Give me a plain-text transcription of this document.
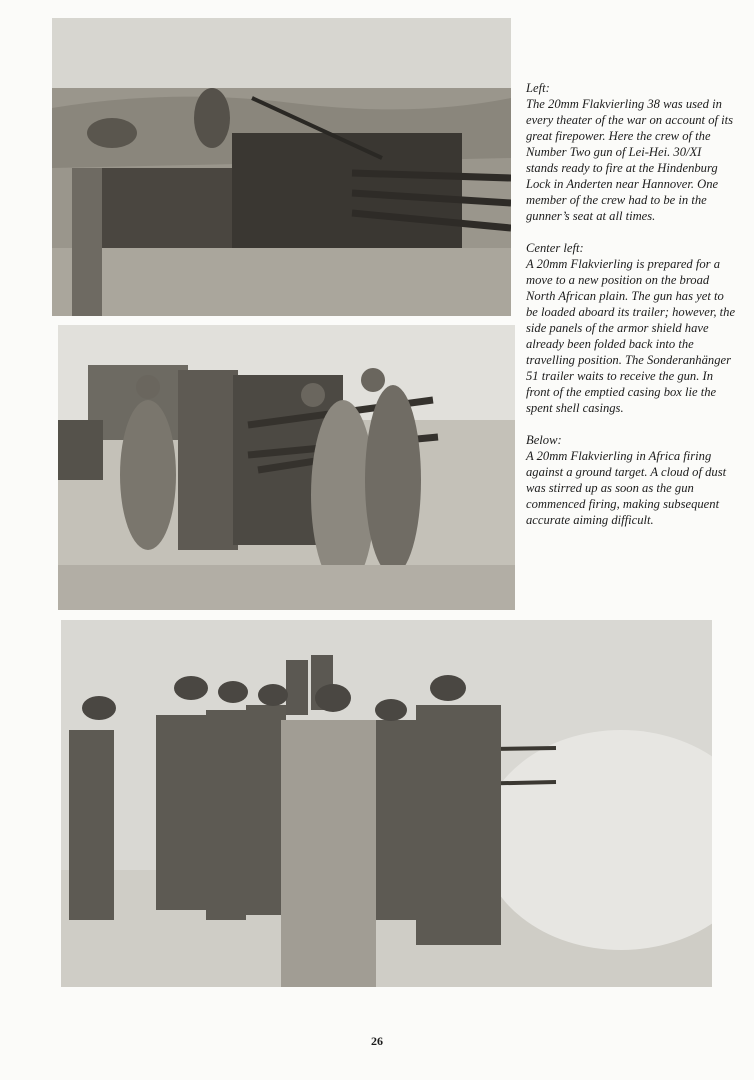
Left:
The 20mm Flakvierling 38 was used in every theater of the war on account of its great firepower. Here the crew of the Number Two gun of Lei-Hei. 30/XI stands ready to fire at the Hindenburg Lock in Anderten near Hannover. One member of the crew had to be in the gunner’s seat at all times.

Center left:
A 20mm Flakvierling is prepared for a move to a new position on the broad North African plain. The gun has yet to be loaded aboard its trailer; however, the side panels of the armor shield have already been folded back into the travelling position. The Sonderanhänger 51 trailer waits to receive the gun. In front of the emptied casing box lie the spent shell casings.

Below:
A 20mm Flakvierling in Africa firing against a ground target. A cloud of dust was stirred up as soon as the gun commenced firing, making subsequent accurate aiming difficult.

26
